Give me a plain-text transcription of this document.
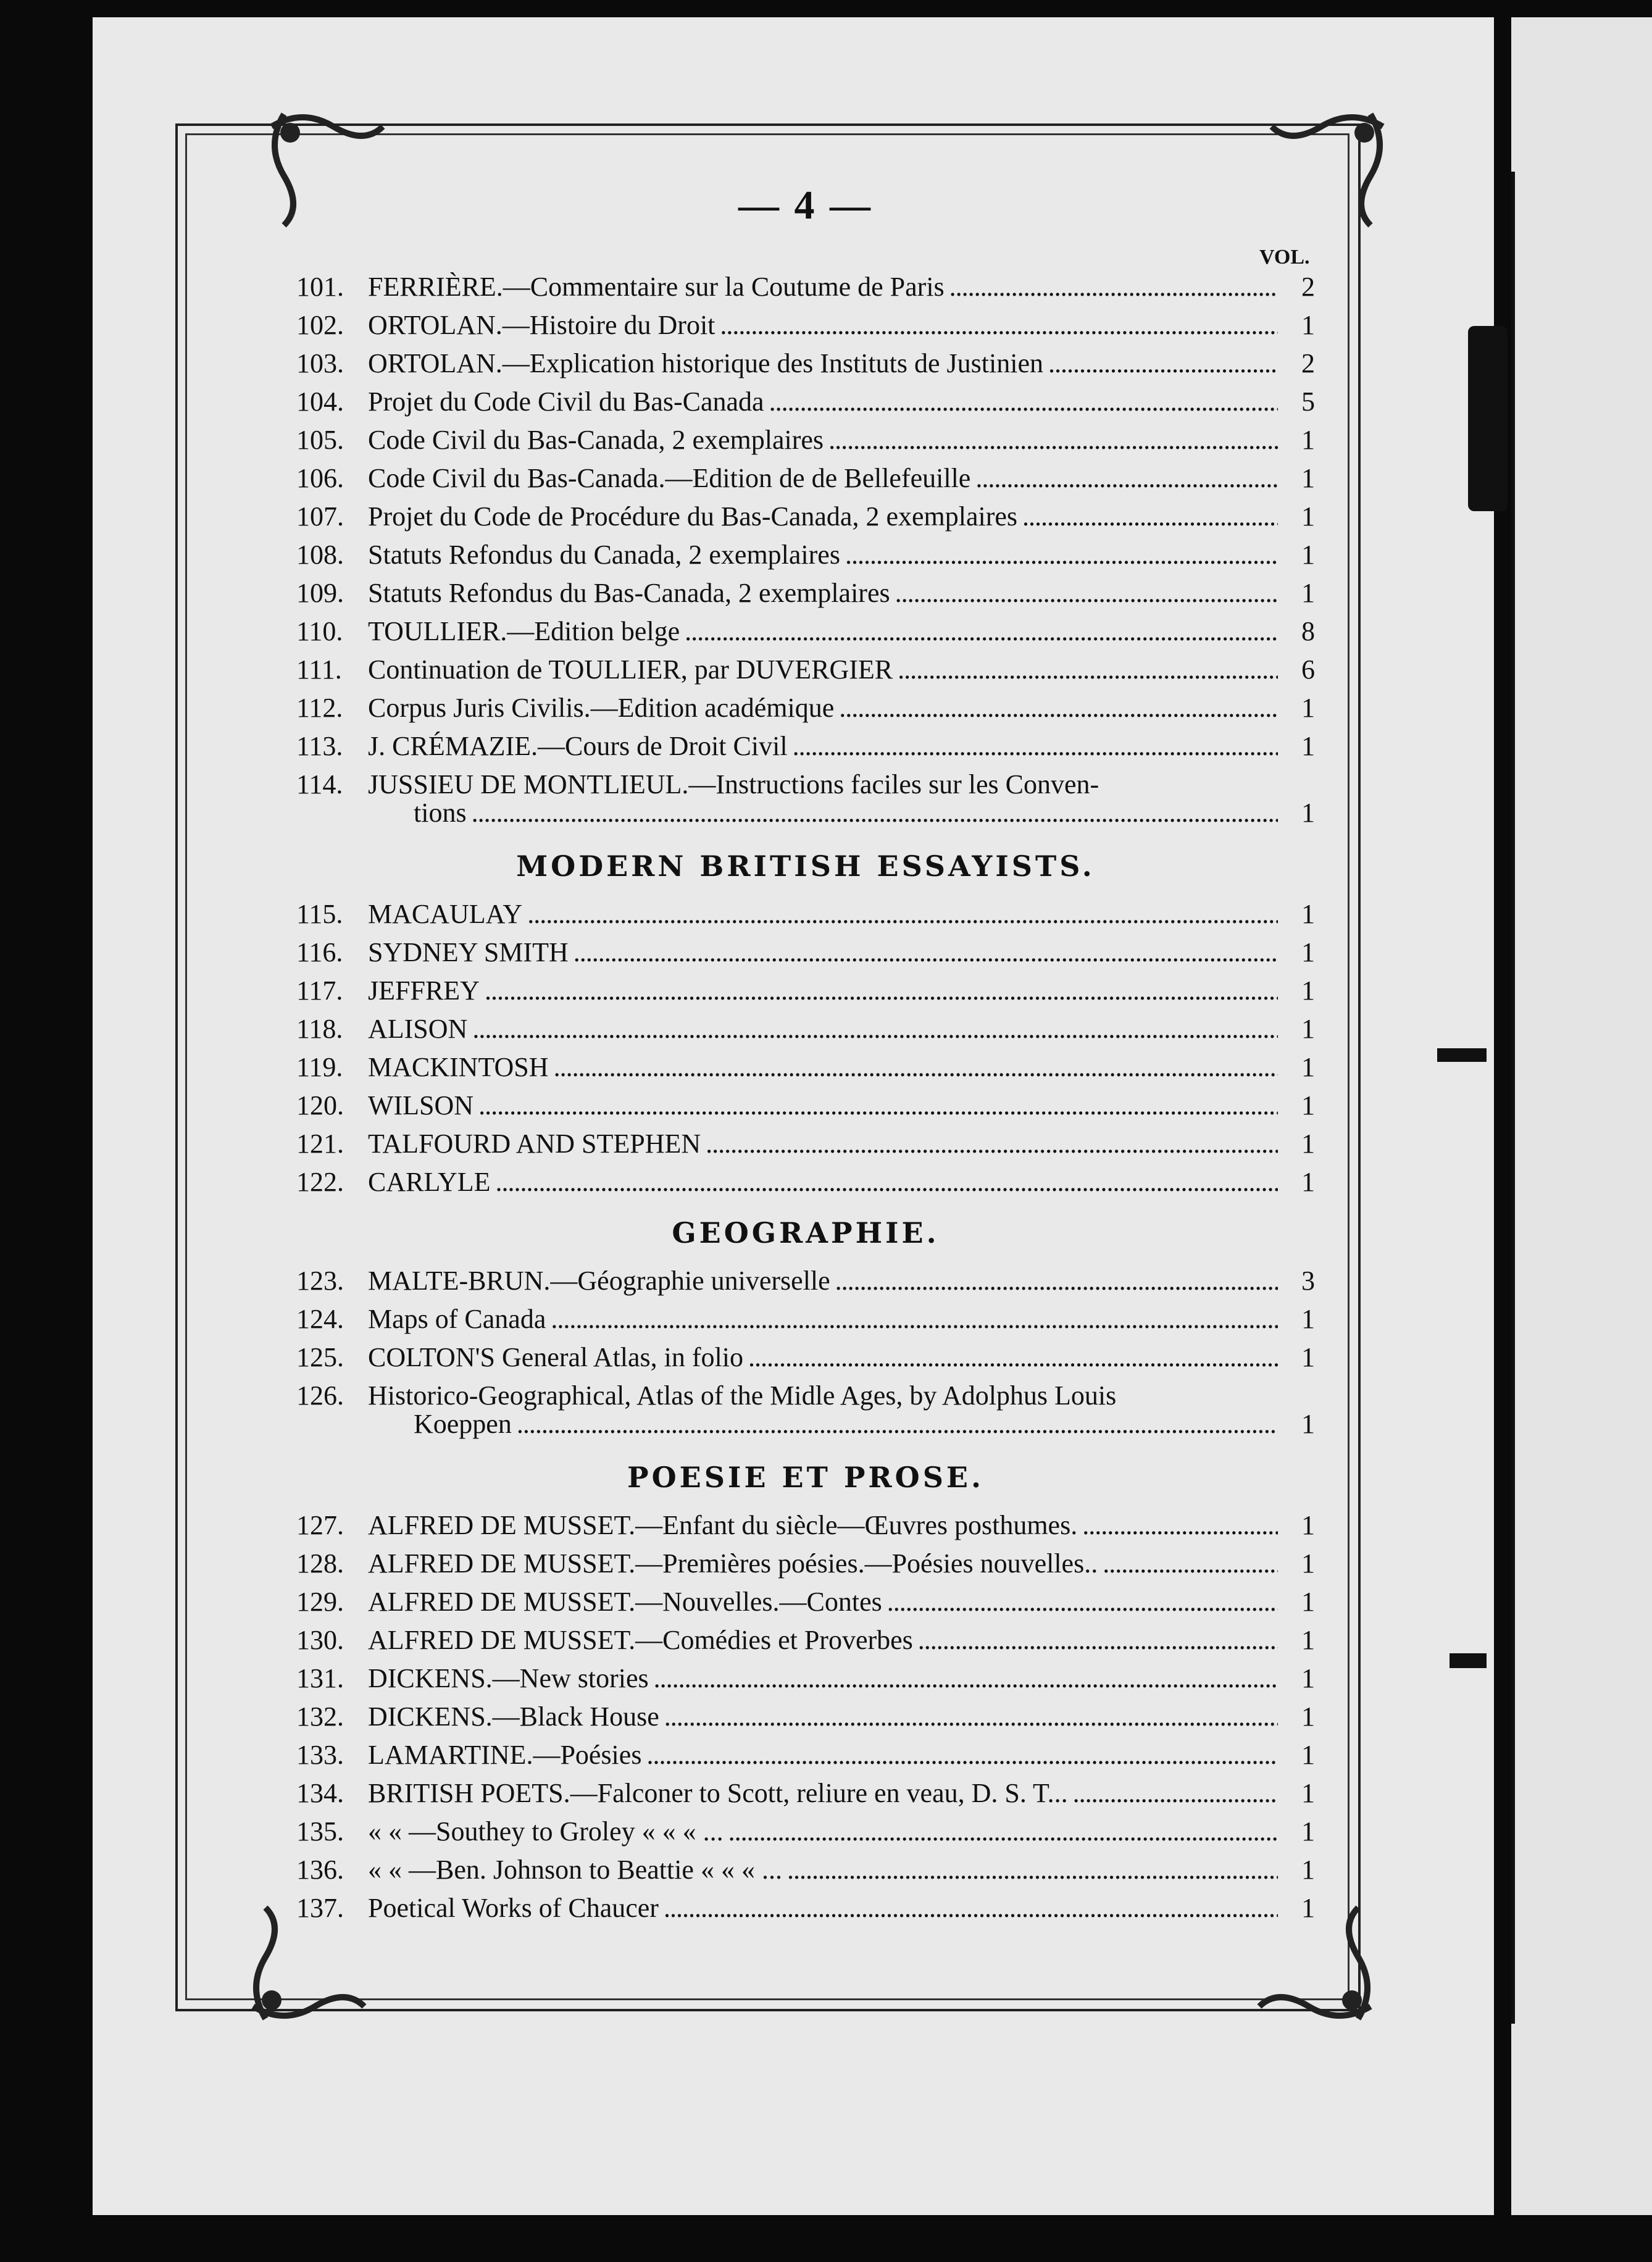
— 4 —
VOL.
101. FERRIÈRE.—Commentaire sur la Coutume de Paris . . .	2
102. ORTOLAN.—Histoire du Droit . . .	1
103. ORTOLAN.—Explication historique des Instituts de Justinien . . .	2
104. Projet du Code Civil du Bas-Canada . . .	5
105. Code Civil du Bas-Canada, 2 exemplaires . . .	1
106. Code Civil du Bas-Canada.—Edition de de Bellefeuille . . .	1
107. Projet du Code de Procédure du Bas-Canada, 2 exemplaires . . .	1
108. Statuts Refondus du Canada, 2 exemplaires . . .	1
109. Statuts Refondus du Bas-Canada, 2 exemplaires . . .	1
110. TOULLIER.—Edition belge . . .	8
111. Continuation de TOULLIER, par DUVERGIER . . .	6
112. Corpus Juris Civilis.—Edition académique . . .	1
113. J. CRÉMAZIE.—Cours de Droit Civil . . .	1
114. JUSSIEU DE MONTLIEUL.—Instructions faciles sur les Conven-
tions . . .	1
MODERN BRITISH ESSAYISTS.
115. MACAULAY . . .	1
116. SYDNEY SMITH . . .	1
117. JEFFREY . . .	1
118. ALISON . . .	1
119. MACKINTOSH . . .	1
120. WILSON . . .	1
121. TALFOURD AND STEPHEN . . .	1
122. CARLYLE . . .	1
GEOGRAPHIE.
123. MALTE-BRUN.—Géographie universelle . . .	3
124. Maps of Canada . . .	1
125. COLTON'S General Atlas, in folio . . .	1
126. Historico-Geographical, Atlas of the Midle Ages, by Adolphus Louis
Koeppen . . .	1
POESIE ET PROSE.
127. ALFRED DE MUSSET.—Enfant du siècle—Œuvres posthumes. . . .	1
128. ALFRED DE MUSSET.—Premières poésies.—Poésies nouvelles.. . . .	1
129. ALFRED DE MUSSET.—Nouvelles.—Contes . . .	1
130. ALFRED DE MUSSET.—Comédies et Proverbes . . .	1
131. DICKENS.—New stories . . .	1
132. DICKENS.—Black House . . .	1
133. LAMARTINE.—Poésies . . .	1
134. BRITISH POETS.—Falconer to Scott, reliure en veau, D. S. T... . . .	1
135. « « —Southey to Groley « « « ... . . .	1
136. « « —Ben. Johnson to Beattie « « « ... . . .	1
137. Poetical Works of Chaucer . . .	1
